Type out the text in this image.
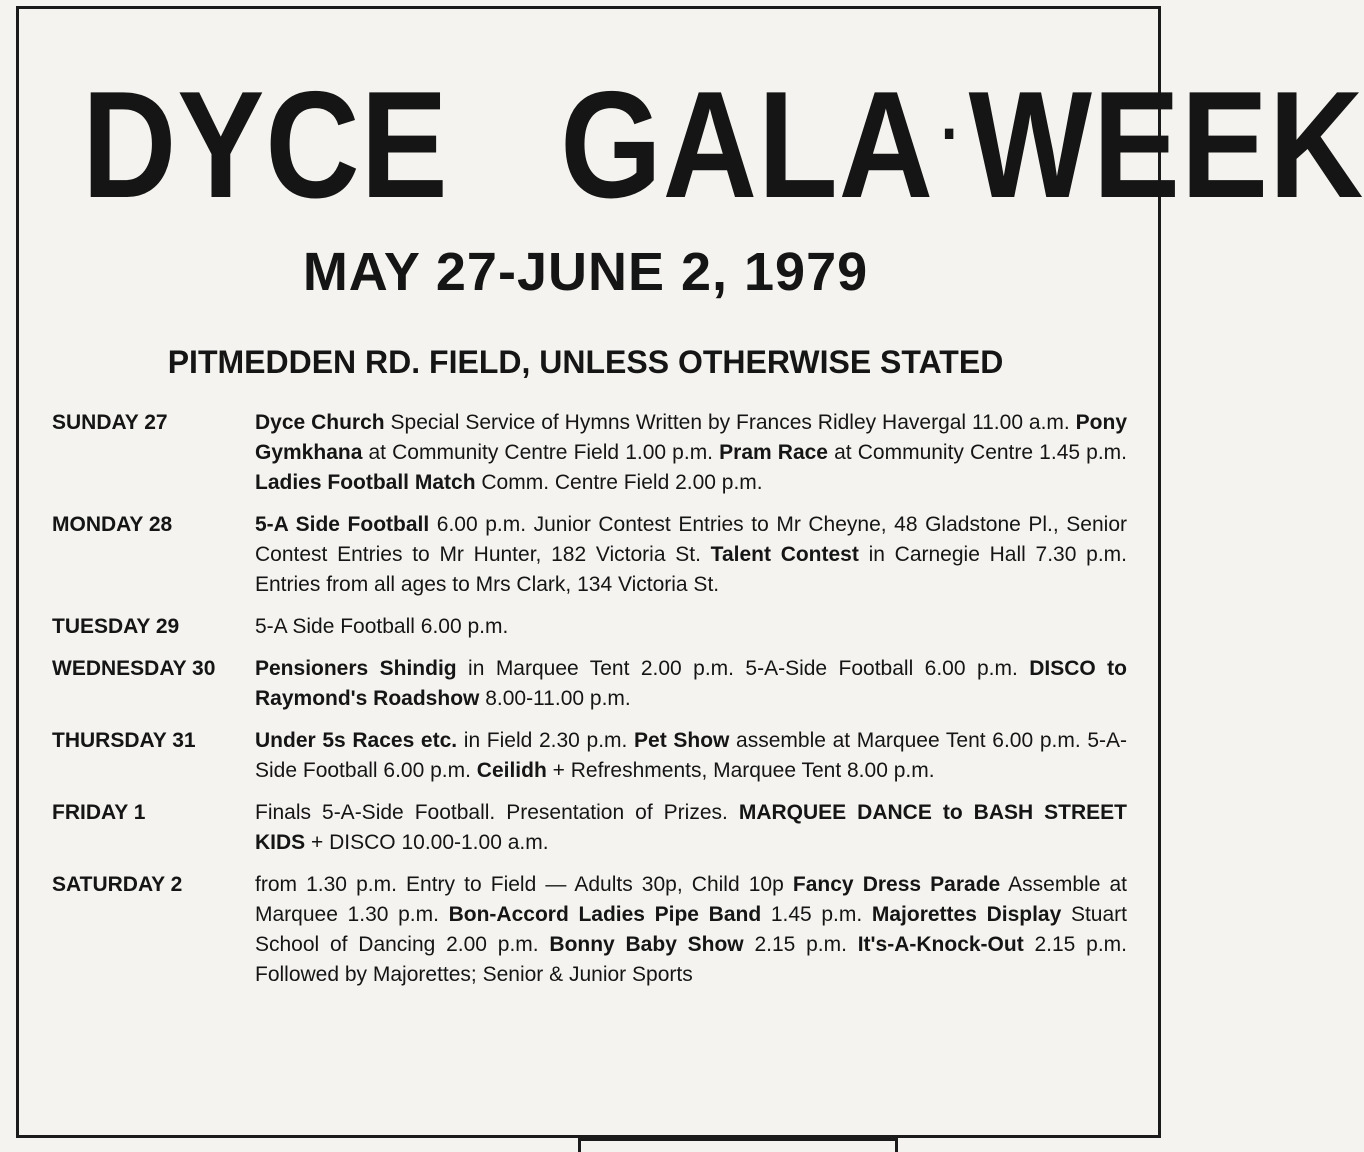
DYCE GALA·WEEK
MAY 27-JUNE 2, 1979
PITMEDDEN RD. FIELD, UNLESS OTHERWISE STATED
SUNDAY 27	Dyce Church Special Service of Hymns Written by Frances Ridley Havergal 11.00 a.m. Pony Gymkhana at Community Centre Field 1.00 p.m. Pram Race at Community Centre 1.45 p.m. Ladies Football Match Comm. Centre Field 2.00 p.m.
MONDAY 28	5-A Side Football 6.00 p.m. Junior Contest Entries to Mr Cheyne, 48 Gladstone Pl., Senior Contest Entries to Mr Hunter, 182 Victoria St. Talent Contest in Carnegie Hall 7.30 p.m. Entries from all ages to Mrs Clark, 134 Victoria St.
TUESDAY 29	5-A Side Football 6.00 p.m.
WEDNESDAY 30	Pensioners Shindig in Marquee Tent 2.00 p.m. 5-A-Side Football 6.00 p.m. DISCO to Raymond's Roadshow 8.00-11.00 p.m.
THURSDAY 31	Under 5s Races etc. in Field 2.30 p.m. Pet Show assemble at Marquee Tent 6.00 p.m. 5-A-Side Football 6.00 p.m. Ceilidh + Refreshments, Marquee Tent 8.00 p.m.
FRIDAY 1	Finals 5-A-Side Football. Presentation of Prizes. MARQUEE DANCE to BASH STREET KIDS + DISCO 10.00-1.00 a.m.
SATURDAY 2	from 1.30 p.m. Entry to Field — Adults 30p, Child 10p Fancy Dress Parade Assemble at Marquee 1.30 p.m. Bon-Accord Ladies Pipe Band 1.45 p.m. Majorettes Display Stuart School of Dancing 2.00 p.m. Bonny Baby Show 2.15 p.m. It's-A-Knock-Out 2.15 p.m. Followed by Majorettes; Senior & Junior Sports
